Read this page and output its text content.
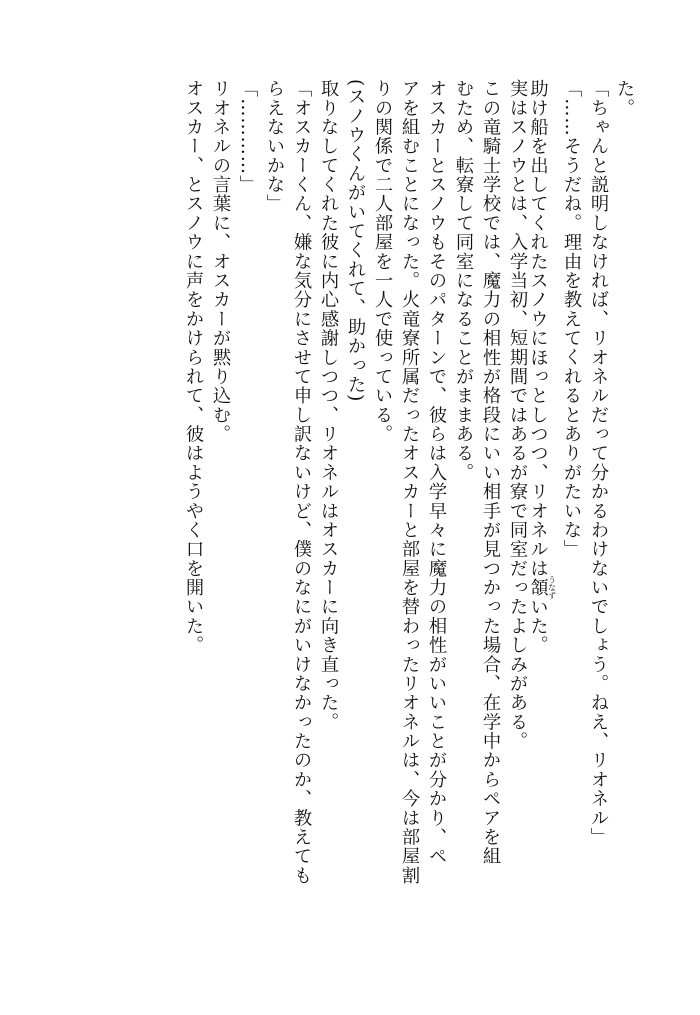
た。
「ちゃんと説明しなければ、リオネルだって分かるわけないでしょう。ねえ、リオネル」
「……そうだね。理由を教えてくれるとありがたいな」
助け船を出してくれたスノウにほっとしつつ、リオネルは頷 うなずいた。
実はスノウとは、入学当初、短期間ではあるが寮で同室だったよしみがある。
この竜騎士学校では、魔力の相性が格段にいい相手が見つかった場合、在学中からペアを組
むため、転寮して同室になることがままある。
オスカーとスノウもそのパターンで、彼らは入学早々に魔力の相性がいいことが分かり、ペ
アを組むことになった。火竜寮所属だったオスカーと部屋を替わったリオネルは、今は部屋割
りの関係で二人部屋を一人で使っている。
(スノウくんがいてくれて、助かった)
取りなしてくれた彼に内心感謝しつつ、リオネルはオスカーに向き直った。
「オスカーくん、嫌な気分にさせて申し訳ないけど、僕のなにがいけなかったのか、教えても
らえないかな」
「…………」
リオネルの言葉に、オスカーが黙り込む。
オスカー、とスノウに声をかけられて、彼はようやく口を開いた。
